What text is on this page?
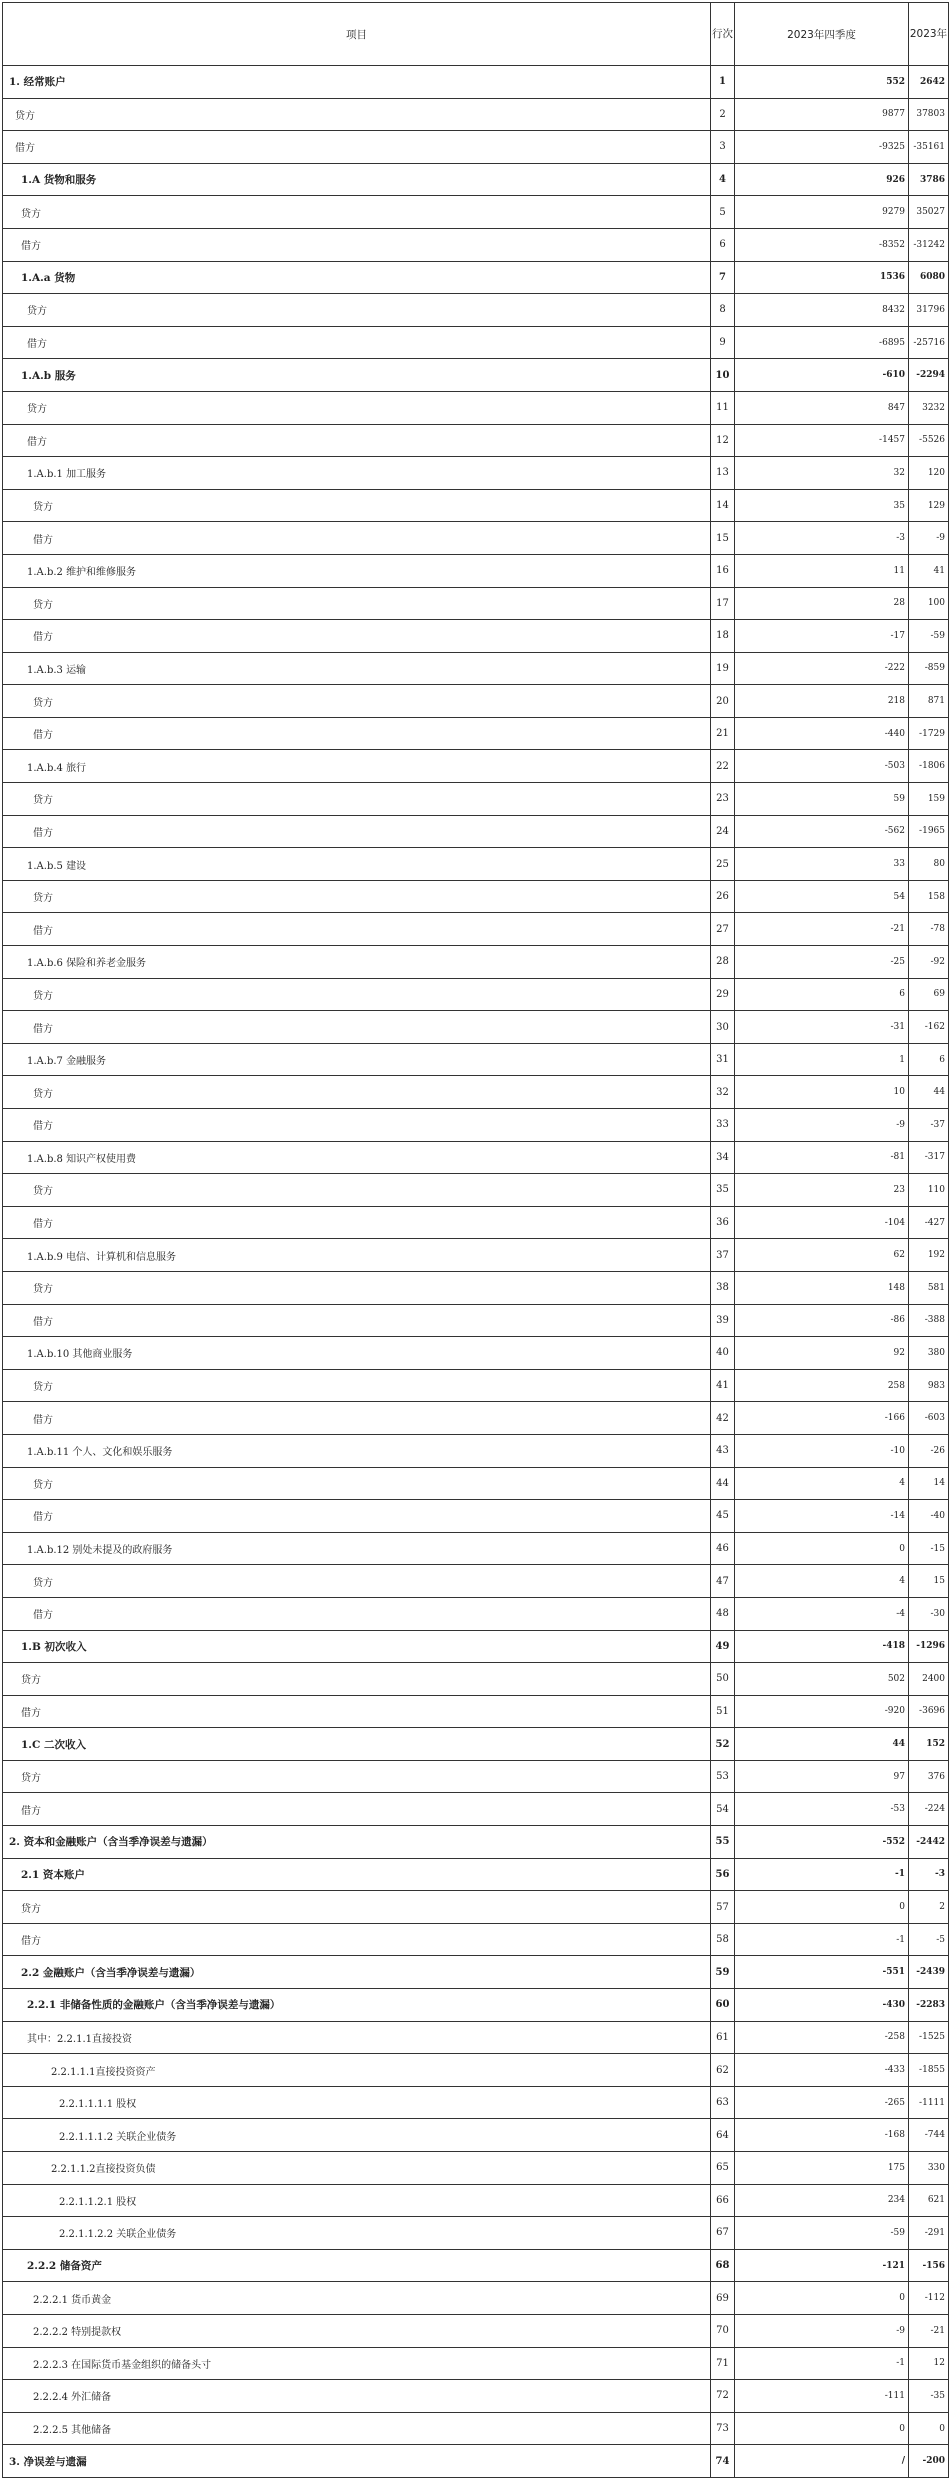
项目	行次	2023年四季度	2023年
1. 经常账户	1	552	2642
贷方	2	9877	37803
借方	3	-9325	-35161
1.A 货物和服务	4	926	3786
贷方	5	9279	35027
借方	6	-8352	-31242
1.A.a 货物	7	1536	6080
贷方	8	8432	31796
借方	9	-6895	-25716
1.A.b 服务	10	-610	-2294
贷方	11	847	3232
借方	12	-1457	-5526
1.A.b.1 加工服务	13	32	120
贷方	14	35	129
借方	15	-3	-9
1.A.b.2 维护和维修服务	16	11	41
贷方	17	28	100
借方	18	-17	-59
1.A.b.3 运输	19	-222	-859
贷方	20	218	871
借方	21	-440	-1729
1.A.b.4 旅行	22	-503	-1806
贷方	23	59	159
借方	24	-562	-1965
1.A.b.5 建设	25	33	80
贷方	26	54	158
借方	27	-21	-78
1.A.b.6 保险和养老金服务	28	-25	-92
贷方	29	6	69
借方	30	-31	-162
1.A.b.7 金融服务	31	1	6
贷方	32	10	44
借方	33	-9	-37
1.A.b.8 知识产权使用费	34	-81	-317
贷方	35	23	110
借方	36	-104	-427
1.A.b.9 电信、计算机和信息服务	37	62	192
贷方	38	148	581
借方	39	-86	-388
1.A.b.10 其他商业服务	40	92	380
贷方	41	258	983
借方	42	-166	-603
1.A.b.11 个人、文化和娱乐服务	43	-10	-26
贷方	44	4	14
借方	45	-14	-40
1.A.b.12 别处未提及的政府服务	46	0	-15
贷方	47	4	15
借方	48	-4	-30
1.B 初次收入	49	-418	-1296
贷方	50	502	2400
借方	51	-920	-3696
1.C 二次收入	52	44	152
贷方	53	97	376
借方	54	-53	-224
2. 资本和金融账户（含当季净误差与遗漏）	55	-552	-2442
2.1 资本账户	56	-1	-3
贷方	57	0	2
借方	58	-1	-5
2.2 金融账户（含当季净误差与遗漏）	59	-551	-2439
2.2.1 非储备性质的金融账户（含当季净误差与遗漏）	60	-430	-2283
其中：2.2.1.1直接投资	61	-258	-1525
2.2.1.1.1直接投资资产	62	-433	-1855
2.2.1.1.1.1 股权	63	-265	-1111
2.2.1.1.1.2 关联企业债务	64	-168	-744
2.2.1.1.2直接投资负债	65	175	330
2.2.1.1.2.1 股权	66	234	621
2.2.1.1.2.2 关联企业债务	67	-59	-291
2.2.2 储备资产	68	-121	-156
2.2.2.1 货币黄金	69	0	-112
2.2.2.2 特别提款权	70	-9	-21
2.2.2.3 在国际货币基金组织的储备头寸	71	-1	12
2.2.2.4 外汇储备	72	-111	-35
2.2.2.5 其他储备	73	0	0
3. 净误差与遗漏	74	/	-200
